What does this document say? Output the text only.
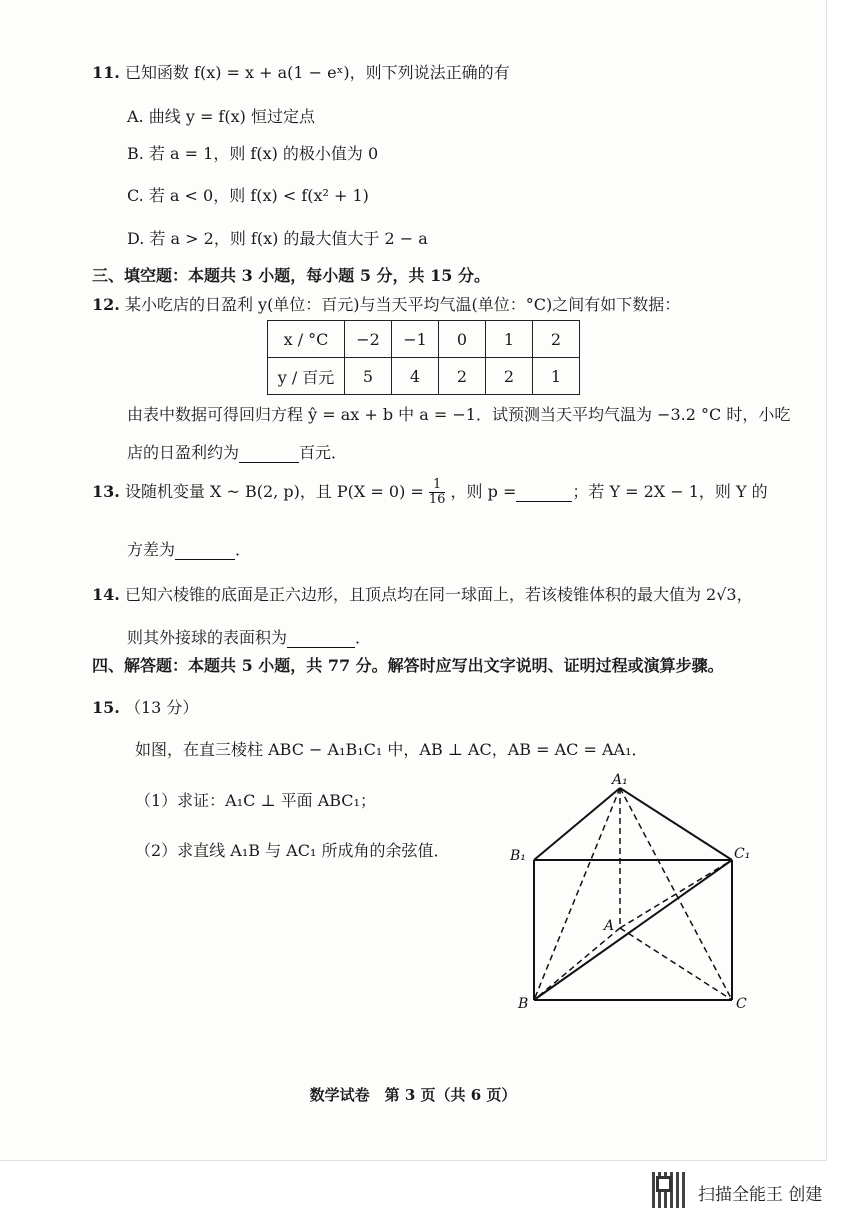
11. 已知函数 f(x) = x + a(1 − eˣ)，则下列说法正确的有
A. 曲线 y = f(x) 恒过定点
B. 若 a = 1，则 f(x) 的极小值为 0
C. 若 a < 0，则 f(x) < f(x² + 1)
D. 若 a > 2，则 f(x) 的最大值大于 2 − a
三、填空题：本题共 3 小题，每小题 5 分，共 15 分。
12. 某小吃店的日盈利 y(单位：百元)与当天平均气温(单位：°C)之间有如下数据：
x / °C	−2	−1	0	1	2
y / 百元	5	4	2	2	1
由表中数据可得回归方程 ŷ = ax + b 中 a = −1．试预测当天平均气温为 −3.2 °C 时，小吃
店的日盈利约为	百元．
13. 设随机变量 X ~ B(2, p)，且 $P(X = 0) = \frac{1}{16}$ ，则 p =	；若 Y = 2X − 1，则 Y 的
方差为	．
14. 已知六棱锥的底面是正六边形，且顶点均在同一球面上，若该棱锥体积的最大值为 2√3，
则其外接球的表面积为	．
四、解答题：本题共 5 小题，共 77 分。解答时应写出文字说明、证明过程或演算步骤。
15. （13 分）
如图，在直三棱柱 ABC − A₁B₁C₁ 中，AB ⊥ AC，AB = AC = AA₁．
（1）求证：A₁C ⊥ 平面 ABC₁；
（2）求直线 A₁B 与 AC₁ 所成角的余弦值．
A₁
B₁	C₁
A
B	C
数学试卷　第 3 页（共 6 页）
扫描全能王 创建
